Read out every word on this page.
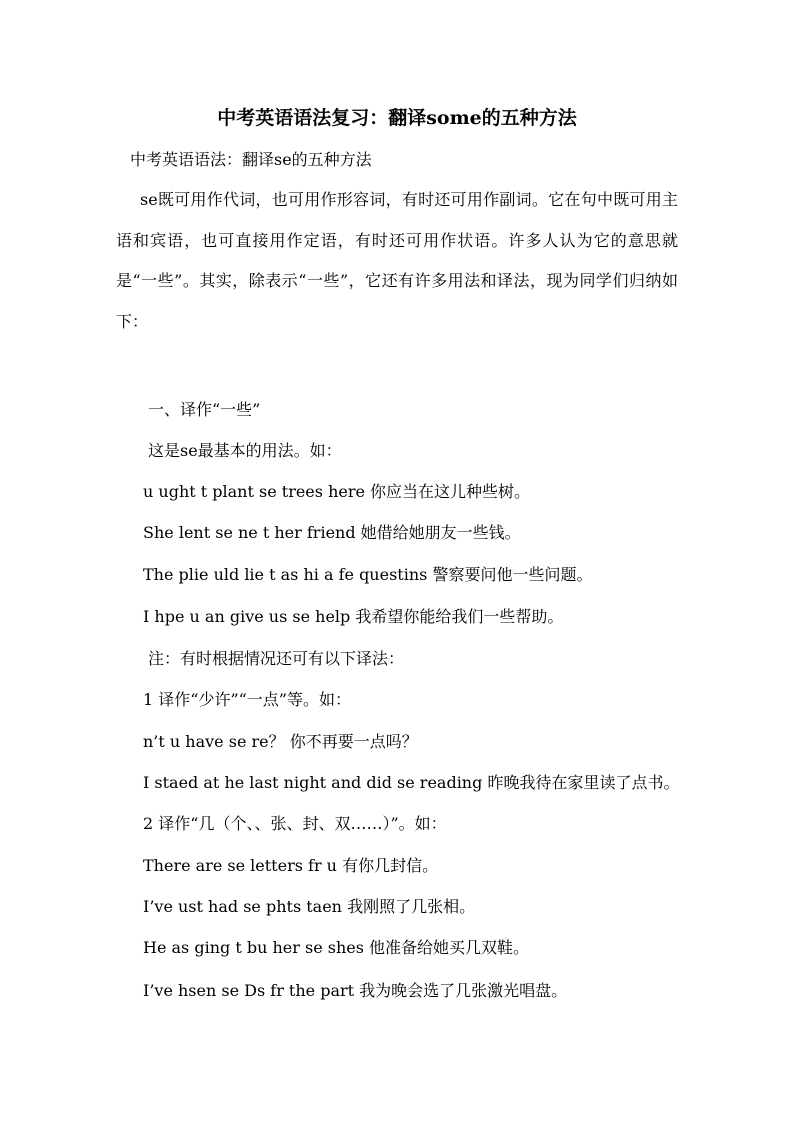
中考英语语法复习：翻译some的五种方法
中考英语语法：翻译se的五种方法
se既可用作代词，也可用作形容词，有时还可用作副词。它在句中既可用主语和宾语，也可直接用作定语，有时还可用作状语。许多人认为它的意思就是“一些”。其实，除表示“一些”，它还有许多用法和译法，现为同学们归纳如下：
一、译作“一些”
这是se最基本的用法。如：
u ught t plant se trees here 你应当在这儿种些树。
She lent se ne t her friend 她借给她朋友一些钱。
The plie uld lie t as hi a fe questins 警察要问他一些问题。
I hpe u an give us se help 我希望你能给我们一些帮助。
注：有时根据情况还可有以下译法：
1 译作“少许”“一点”等。如：
n’t u have se re？ 你不再要一点吗？
I staed at he last night and did se reading 昨晚我待在家里读了点书。
2 译作“几（个、、张、封、双……）”。如：
There are se letters fr u 有你几封信。
I’ve ust had se phts taen 我刚照了几张相。
He as ging t bu her se shes 他准备给她买几双鞋。
I’ve hsen se Ds fr the part 我为晚会选了几张激光唱盘。
